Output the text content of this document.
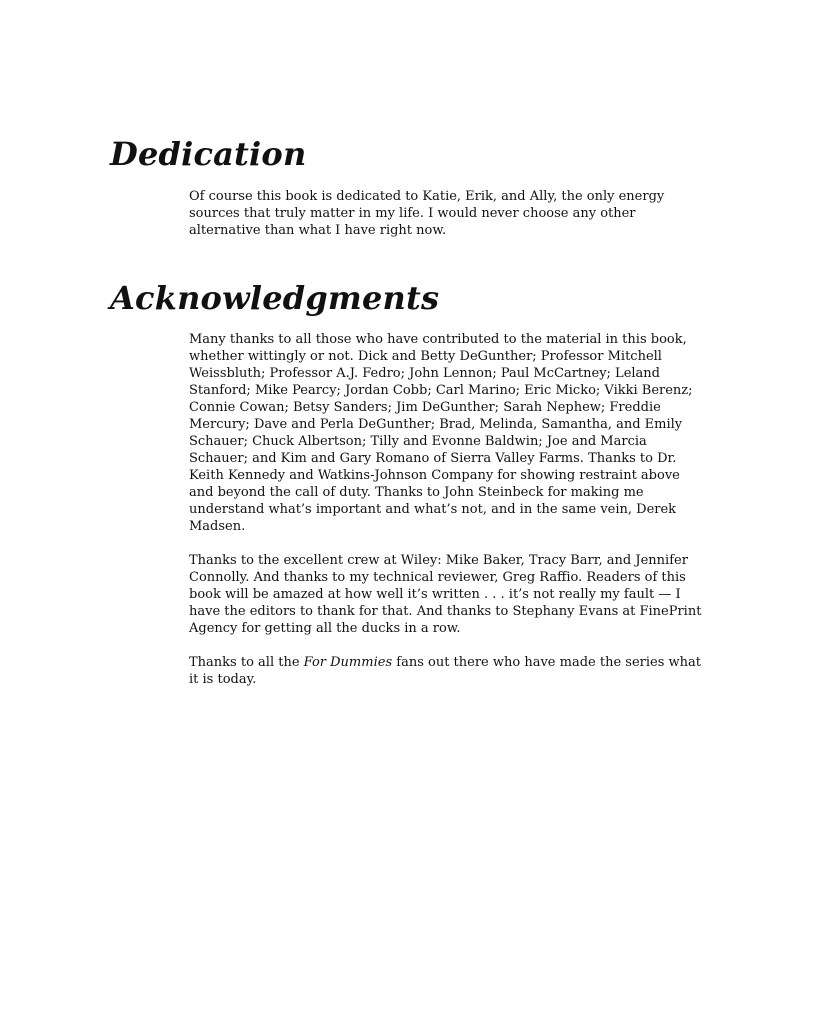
Dedication

Of course this book is dedicated to Katie, Erik, and Ally, the only energy sources that truly matter in my life. I would never choose any other alternative than what I have right now.

Acknowledgments

Many thanks to all those who have contributed to the material in this book, whether wittingly or not. Dick and Betty DeGunther; Professor Mitchell Weissbluth; Professor A.J. Fedro; John Lennon; Paul McCartney; Leland Stanford; Mike Pearcy; Jordan Cobb; Carl Marino; Eric Micko; Vikki Berenz; Connie Cowan; Betsy Sanders; Jim DeGunther; Sarah Nephew; Freddie Mercury; Dave and Perla DeGunther; Brad, Melinda, Samantha, and Emily Schauer; Chuck Albertson; Tilly and Evonne Baldwin; Joe and Marcia Schauer; and Kim and Gary Romano of Sierra Valley Farms. Thanks to Dr. Keith Kennedy and Watkins-Johnson Company for showing restraint above and beyond the call of duty. Thanks to John Steinbeck for making me understand what’s important and what’s not, and in the same vein, Derek Madsen.

Thanks to the excellent crew at Wiley: Mike Baker, Tracy Barr, and Jennifer Connolly. And thanks to my technical reviewer, Greg Raffio. Readers of this book will be amazed at how well it’s written . . . it’s not really my fault — I have the editors to thank for that. And thanks to Stephany Evans at FinePrint Agency for getting all the ducks in a row.

Thanks to all the For Dummies fans out there who have made the series what it is today.
